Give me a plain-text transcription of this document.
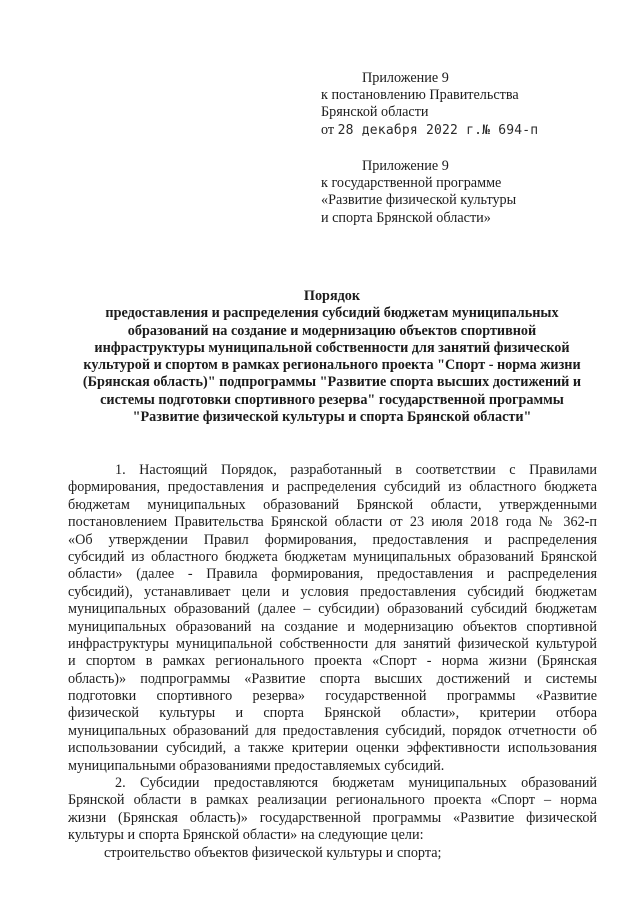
Приложение 9
к постановлению Правительства
Брянской области
от 28 декабря 2022 г.№ 694-п
Приложение 9
к государственной программе
«Развитие физической культуры
и спорта Брянской области»
Порядок
предоставления и распределения субсидий бюджетам муниципальных
образований на создание и модернизацию объектов спортивной
инфраструктуры муниципальной собственности для занятий физической
культурой и спортом в рамках регионального проекта "Спорт - норма жизни
(Брянская область)" подпрограммы "Развитие спорта высших достижений и
системы подготовки спортивного резерва" государственной программы
"Развитие физической культуры и спорта Брянской области"
1. Настоящий Порядок, разработанный в соответствии с Правилами
формирования, предоставления и распределения субсидий из областного бюджета
бюджетам муниципальных образований Брянской области, утвержденными
постановлением Правительства Брянской области от 23 июля 2018 года № 362-п
«Об утверждении Правил формирования, предоставления и распределения
субсидий из областного бюджета бюджетам муниципальных образований Брянской
области» (далее - Правила формирования, предоставления и распределения
субсидий), устанавливает цели и условия предоставления субсидий бюджетам
муниципальных образований (далее – субсидии) образований субсидий бюджетам
муниципальных образований на создание и модернизацию объектов спортивной
инфраструктуры муниципальной собственности для занятий физической культурой
и спортом в рамках регионального проекта «Спорт - норма жизни (Брянская
область)» подпрограммы «Развитие спорта высших достижений и системы
подготовки спортивного резерва» государственной программы «Развитие
физической культуры и спорта Брянской области», критерии отбора
муниципальных образований для предоставления субсидий, порядок отчетности об
использовании субсидий, а также критерии оценки эффективности использования
муниципальными образованиями предоставляемых субсидий.
2. Субсидии предоставляются бюджетам муниципальных образований
Брянской области в рамках реализации регионального проекта «Спорт – норма
жизни (Брянская область)» государственной программы «Развитие физической
культуры и спорта Брянской области» на следующие цели:
строительство объектов физической культуры и спорта;
